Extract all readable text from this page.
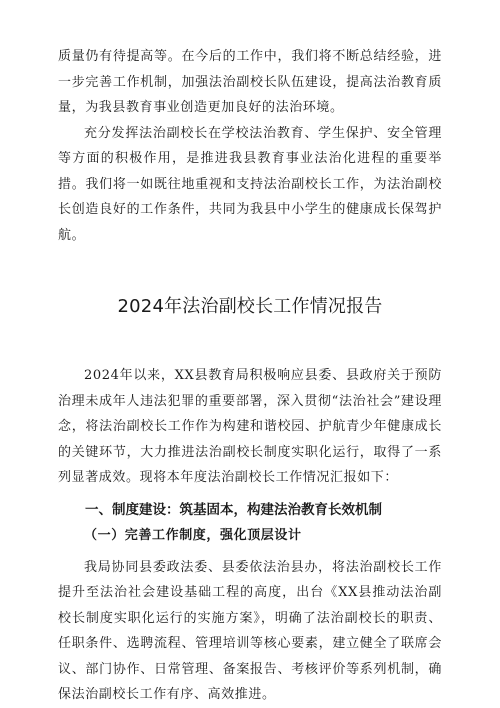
质量仍有待提高等。在今后的工作中，我们将不断总结经验，进一步完善工作机制，加强法治副校长队伍建设，提高法治教育质量，为我县教育事业创造更加良好的法治环境。

充分发挥法治副校长在学校法治教育、学生保护、安全管理等方面的积极作用，是推进我县教育事业法治化进程的重要举措。我们将一如既往地重视和支持法治副校长工作，为法治副校长创造良好的工作条件，共同为我县中小学生的健康成长保驾护航。

2024年法治副校长工作情况报告

2024年以来，XX县教育局积极响应县委、县政府关于预防治理未成年人违法犯罪的重要部署，深入贯彻“法治社会”建设理念，将法治副校长工作作为构建和谐校园、护航青少年健康成长的关键环节，大力推进法治副校长制度实职化运行，取得了一系列显著成效。现将本年度法治副校长工作情况汇报如下：

一、制度建设：筑基固本，构建法治教育长效机制
（一）完善工作制度，强化顶层设计

我局协同县委政法委、县委依法治县办，将法治副校长工作提升至法治社会建设基础工程的高度，出台《XX县推动法治副校长制度实职化运行的实施方案》，明确了法治副校长的职责、任职条件、选聘流程、管理培训等核心要素，建立健全了联席会议、部门协作、日常管理、备案报告、考核评价等系列机制，确保法治副校长工作有序、高效推进。
